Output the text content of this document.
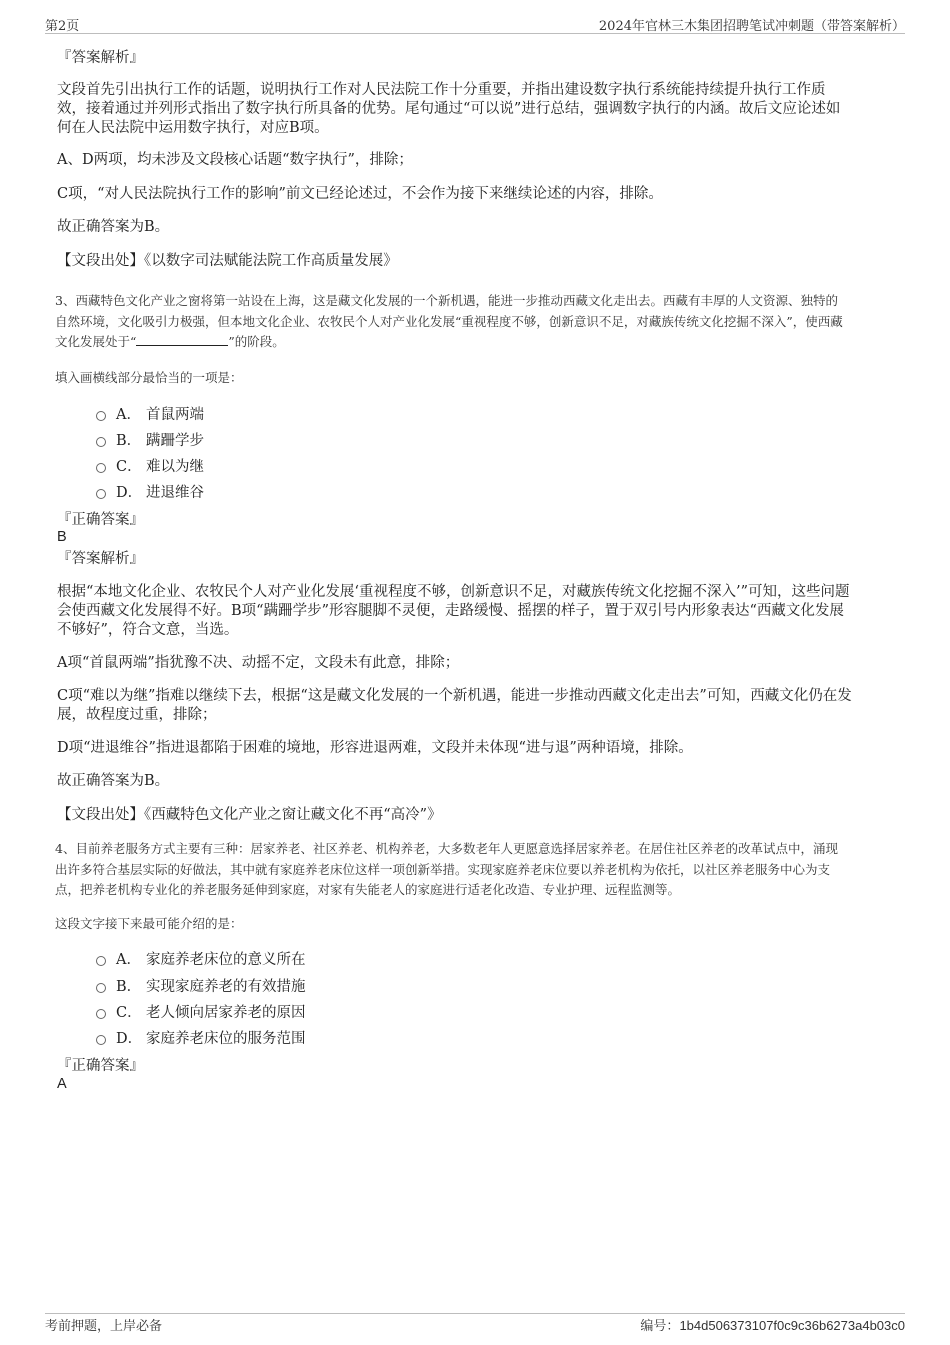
第2页	2024年官林三木集团招聘笔试冲刺题（带答案解析）
『答案解析』
文段首先引出执行工作的话题，说明执行工作对人民法院工作十分重要，并指出建设数字执行系统能持续提升执行工作质
效，接着通过并列形式指出了数字执行所具备的优势。尾句通过“可以说”进行总结，强调数字执行的内涵。故后文应论述如
何在人民法院中运用数字执行，对应B项。
A、D两项，均未涉及文段核心话题“数字执行”，排除；
C项，“对人民法院执行工作的影响”前文已经论述过，不会作为接下来继续论述的内容，排除。
故正确答案为B。
【文段出处】《以数字司法赋能法院工作高质量发展》
3、西藏特色文化产业之窗将第一站设在上海，这是藏文化发展的一个新机遇，能进一步推动西藏文化走出去。西藏有丰厚的人文资源、独特的
自然环境，文化吸引力极强，但本地文化企业、农牧民个人对产业化发展“重视程度不够，创新意识不足，对藏族传统文化挖掘不深入”，使西藏
文化发展处于“	”的阶段。
填入画横线部分最恰当的一项是：
A． 首鼠两端
B． 蹒跚学步
C． 难以为继
D． 进退维谷
『正确答案』
B
『答案解析』
根据“本地文化企业、农牧民个人对产业化发展‘重视程度不够，创新意识不足，对藏族传统文化挖掘不深入’”可知，这些问题
会使西藏文化发展得不好。B项“蹒跚学步”形容腿脚不灵便，走路缓慢、摇摆的样子，置于双引号内形象表达“西藏文化发展
不够好”，符合文意，当选。
A项“首鼠两端”指犹豫不决、动摇不定，文段未有此意，排除；
C项“难以为继”指难以继续下去，根据“这是藏文化发展的一个新机遇，能进一步推动西藏文化走出去”可知，西藏文化仍在发
展，故程度过重，排除；
D项“进退维谷”指进退都陷于困难的境地，形容进退两难，文段并未体现“进与退”两种语境，排除。
故正确答案为B。
【文段出处】《西藏特色文化产业之窗让藏文化不再“高冷”》
4、目前养老服务方式主要有三种：居家养老、社区养老、机构养老，大多数老年人更愿意选择居家养老。在居住社区养老的改革试点中，涌现
出许多符合基层实际的好做法，其中就有家庭养老床位这样一项创新举措。实现家庭养老床位要以养老机构为依托，以社区养老服务中心为支
点，把养老机构专业化的养老服务延伸到家庭，对家有失能老人的家庭进行适老化改造、专业护理、远程监测等。
这段文字接下来最可能介绍的是：
A． 家庭养老床位的意义所在
B． 实现家庭养老的有效措施
C． 老人倾向居家养老的原因
D． 家庭养老床位的服务范围
『正确答案』
A
考前押题，上岸必备	编号：1b4d506373107f0c9c36b6273a4b03c0
